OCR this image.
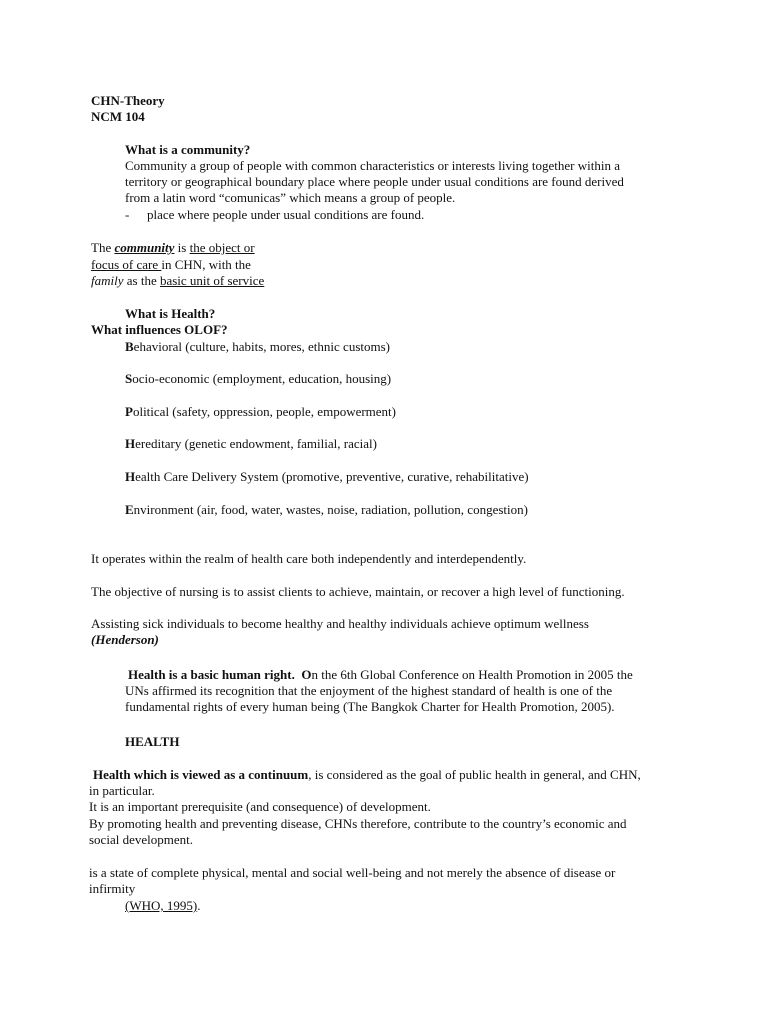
CHN-Theory
NCM 104
What is a community?
Community a group of people with common characteristics or interests living together within a
territory or geographical boundary place where people under usual conditions are found derived
from a latin word “comunicas” which means a group of people.
- place where people under usual conditions are found.
The community is the object or
focus of care in CHN, with the
family as the basic unit of service
What is Health?
What influences OLOF?
Behavioral (culture, habits, mores, ethnic customs)
Socio-economic (employment, education, housing)
Political (safety, oppression, people, empowerment)
Hereditary (genetic endowment, familial, racial)
Health Care Delivery System (promotive, preventive, curative, rehabilitative)
Environment (air, food, water, wastes, noise, radiation, pollution, congestion)
It operates within the realm of health care both independently and interdependently.
The objective of nursing is to assist clients to achieve, maintain, or recover a high level of functioning.
Assisting sick individuals to become healthy and healthy individuals achieve optimum wellness
(Henderson)
Health is a basic human right. On the 6th Global Conference on Health Promotion in 2005 the
UNs affirmed its recognition that the enjoyment of the highest standard of health is one of the
fundamental rights of every human being (The Bangkok Charter for Health Promotion, 2005).
HEALTH
Health which is viewed as a continuum, is considered as the goal of public health in general, and CHN,
in particular.
It is an important prerequisite (and consequence) of development.
By promoting health and preventing disease, CHNs therefore, contribute to the country’s economic and
social development.
is a state of complete physical, mental and social well-being and not merely the absence of disease or
infirmity
(WHO, 1995).
